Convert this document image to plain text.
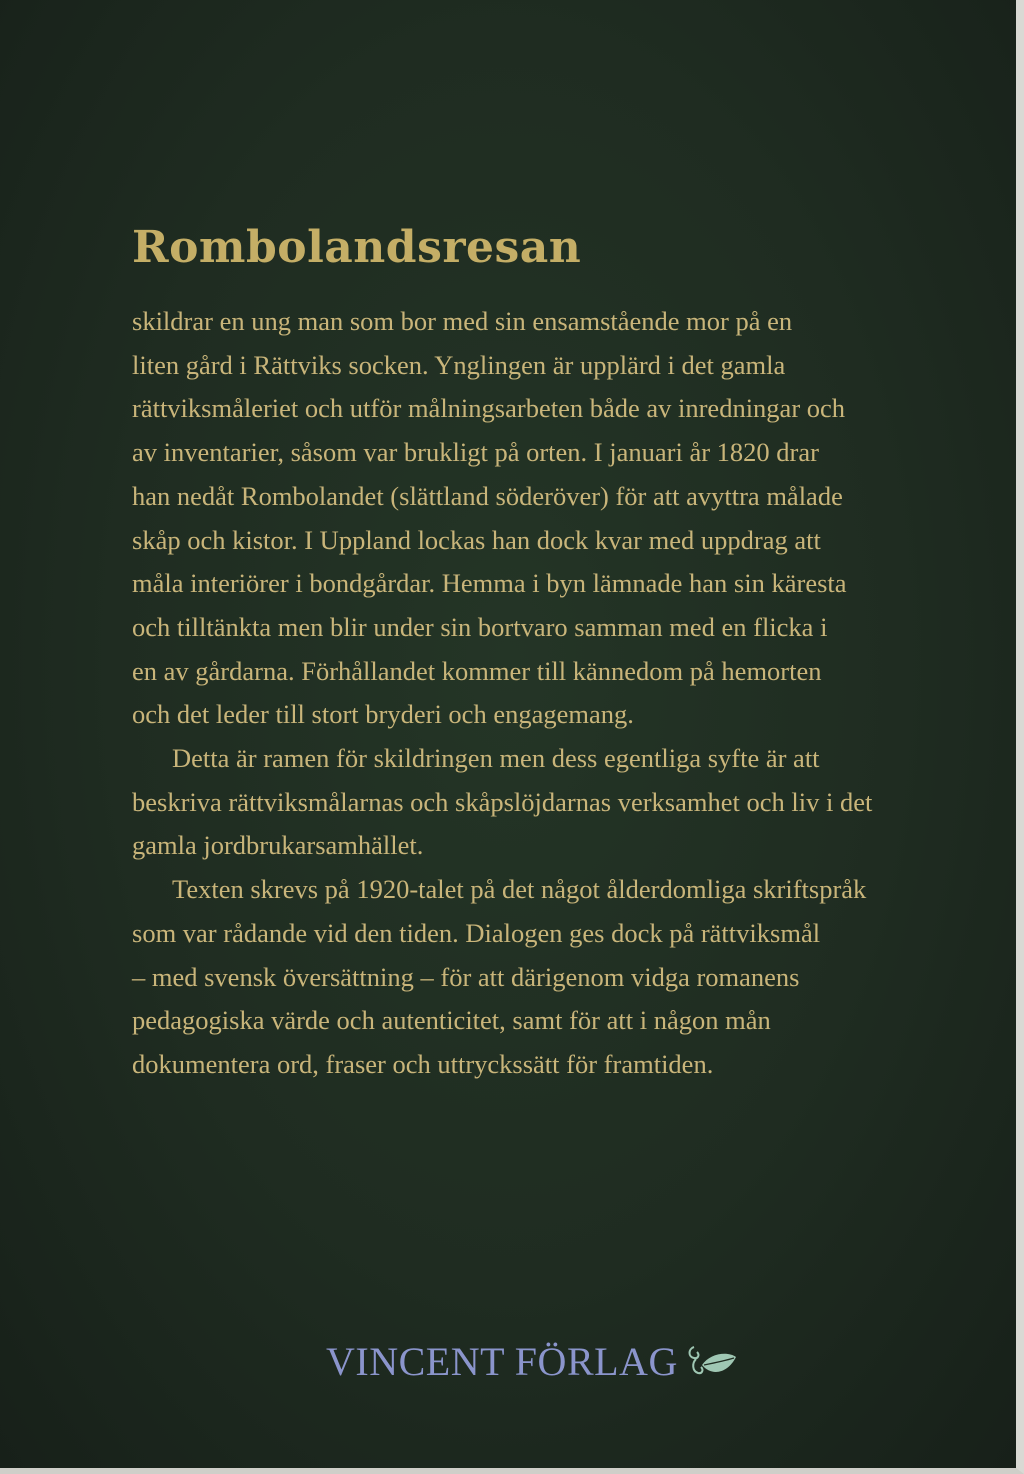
Rombolandsresan

skildrar en ung man som bor med sin ensamstående mor på en
liten gård i Rättviks socken. Ynglingen är upplärd i det gamla
rättviksmåleriet och utför målningsarbeten både av inredningar och
av inventarier, såsom var brukligt på orten. I januari år 1820 drar
han nedåt Rombolandet (slättland söderöver) för att avyttra målade
skåp och kistor. I Uppland lockas han dock kvar med uppdrag att
måla interiörer i bondgårdar. Hemma i byn lämnade han sin käresta
och tilltänkta men blir under sin bortvaro samman med en flicka i
en av gårdarna. Förhållandet kommer till kännedom på hemorten
och det leder till stort bryderi och engagemang.

Detta är ramen för skildringen men dess egentliga syfte är att
beskriva rättviksmålarnas och skåpslöjdarnas verksamhet och liv i det
gamla jordbrukarsamhället.

Texten skrevs på 1920-talet på det något ålderdomliga skriftspråk
som var rådande vid den tiden. Dialogen ges dock på rättviksmål
– med svensk översättning – för att därigenom vidga romanens
pedagogiska värde och autenticitet, samt för att i någon mån
dokumentera ord, fraser och uttryckssätt för framtiden.

VINCENT FÖRLAG
